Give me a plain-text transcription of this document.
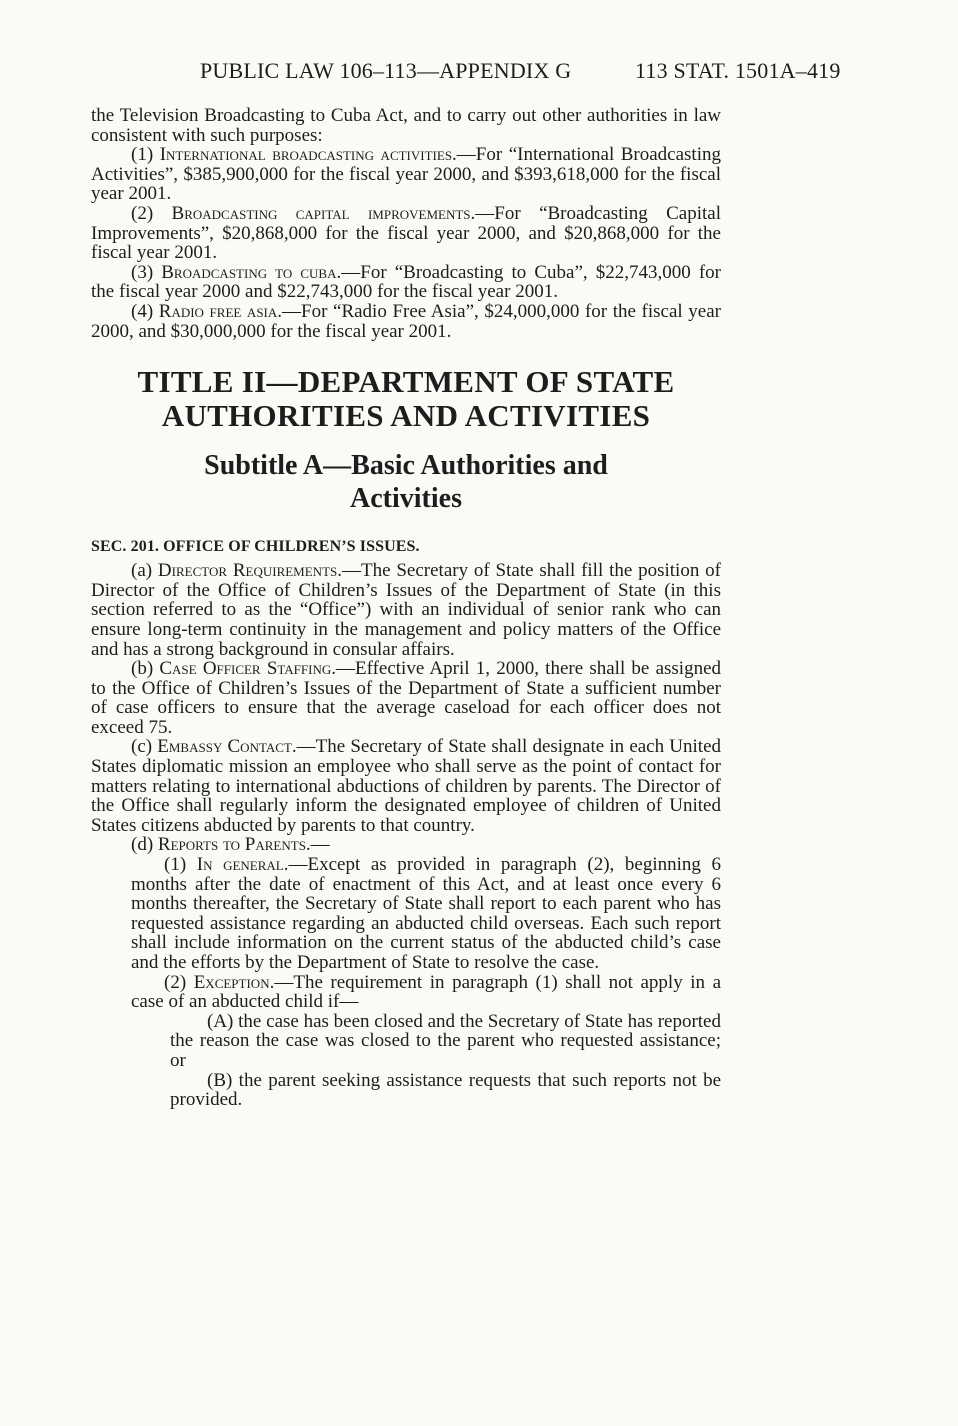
PUBLIC LAW 106–113—APPENDIX G	113 STAT. 1501A–419

the Television Broadcasting to Cuba Act, and to carry out other authorities in law consistent with such purposes:

(1) International broadcasting activities.—For “International Broadcasting Activities”, $385,900,000 for the fiscal year 2000, and $393,618,000 for the fiscal year 2001.

(2) Broadcasting capital improvements.—For “Broadcasting Capital Improvements”, $20,868,000 for the fiscal year 2000, and $20,868,000 for the fiscal year 2001.

(3) Broadcasting to cuba.—For “Broadcasting to Cuba”, $22,743,000 for the fiscal year 2000 and $22,743,000 for the fiscal year 2001.

(4) Radio free asia.—For “Radio Free Asia”, $24,000,000 for the fiscal year 2000, and $30,000,000 for the fiscal year 2001.

TITLE II—DEPARTMENT OF STATE
AUTHORITIES AND ACTIVITIES
Subtitle A—Basic Authorities and
Activities
SEC. 201. OFFICE OF CHILDREN’S ISSUES.

(a) Director Requirements.—The Secretary of State shall fill the position of Director of the Office of Children’s Issues of the Department of State (in this section referred to as the “Office”) with an individual of senior rank who can ensure long-term continuity in the management and policy matters of the Office and has a strong background in consular affairs.

(b) Case Officer Staffing.—Effective April 1, 2000, there shall be assigned to the Office of Children’s Issues of the Department of State a sufficient number of case officers to ensure that the average caseload for each officer does not exceed 75.

(c) Embassy Contact.—The Secretary of State shall designate in each United States diplomatic mission an employee who shall serve as the point of contact for matters relating to international abductions of children by parents. The Director of the Office shall regularly inform the designated employee of children of United States citizens abducted by parents to that country.

(d) Reports to Parents.—

(1) In general.—Except as provided in paragraph (2), beginning 6 months after the date of enactment of this Act, and at least once every 6 months thereafter, the Secretary of State shall report to each parent who has requested assistance regarding an abducted child overseas. Each such report shall include information on the current status of the abducted child’s case and the efforts by the Department of State to resolve the case.

(2) Exception.—The requirement in paragraph (1) shall not apply in a case of an abducted child if—

(A) the case has been closed and the Secretary of State has reported the reason the case was closed to the parent who requested assistance; or

(B) the parent seeking assistance requests that such reports not be provided.
